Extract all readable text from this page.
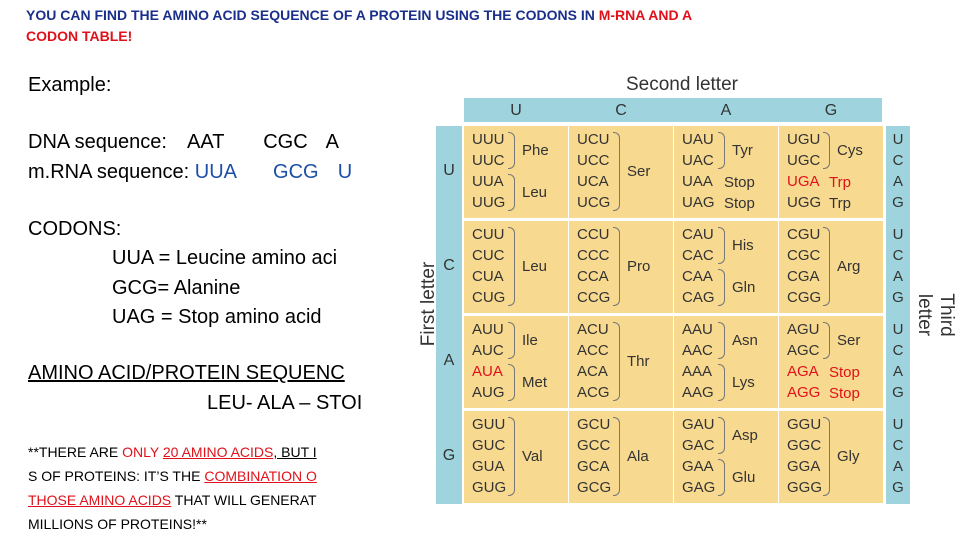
YOU CAN FIND THE AMINO ACID SEQUENCE OF A PROTEIN USING THE CODONS IN M-RNA AND A
CODON TABLE!
Example:
DNA sequence: AAT CGC A
m.RNA sequence: UUA GCG U
CODONS:
UUA = Leucine amino aci
GCG= Alanine
UAG = Stop amino acid
AMINO ACID/PROTEIN SEQUENC
LEU- ALA – STOI
**THERE ARE ONLY 20 AMINO ACIDS, BUT I
S OF PROTEINS: IT’S THE COMBINATION O
THOSE AMINO ACIDS THAT WILL GENERAT
MILLIONS OF PROTEINS!**
Second letter
First letter	Third letter
U
U
U
C
A
G
C
C
U
C
A
G
A
A
U
C
A
G
G
G
U
C
A
G
UUU
UUC
UUA
UUG
Phe
Leu
UCU
UCC
UCA
UCG
Ser
UAU
UAC
UAA
UAG
Tyr
Stop
Stop
UGU
UGC
UGA
UGG
Cys
Trp
Trp
CUU
CUC
CUA
CUG
Leu
CCU
CCC
CCA
CCG
Pro
CAU
CAC
CAA
CAG
His
Gln
CGU
CGC
CGA
CGG
Arg
AUU
AUC
AUA
AUG
Ile
Met
ACU
ACC
ACA
ACG
Thr
AAU
AAC
AAA
AAG
Asn
Lys
AGU
AGC
AGA
AGG
Ser
Stop
Stop
GUU
GUC
GUA
GUG
Val
GCU
GCC
GCA
GCG
Ala
GAU
GAC
GAA
GAG
Asp
Glu
GGU
GGC
GGA
GGG
Gly
